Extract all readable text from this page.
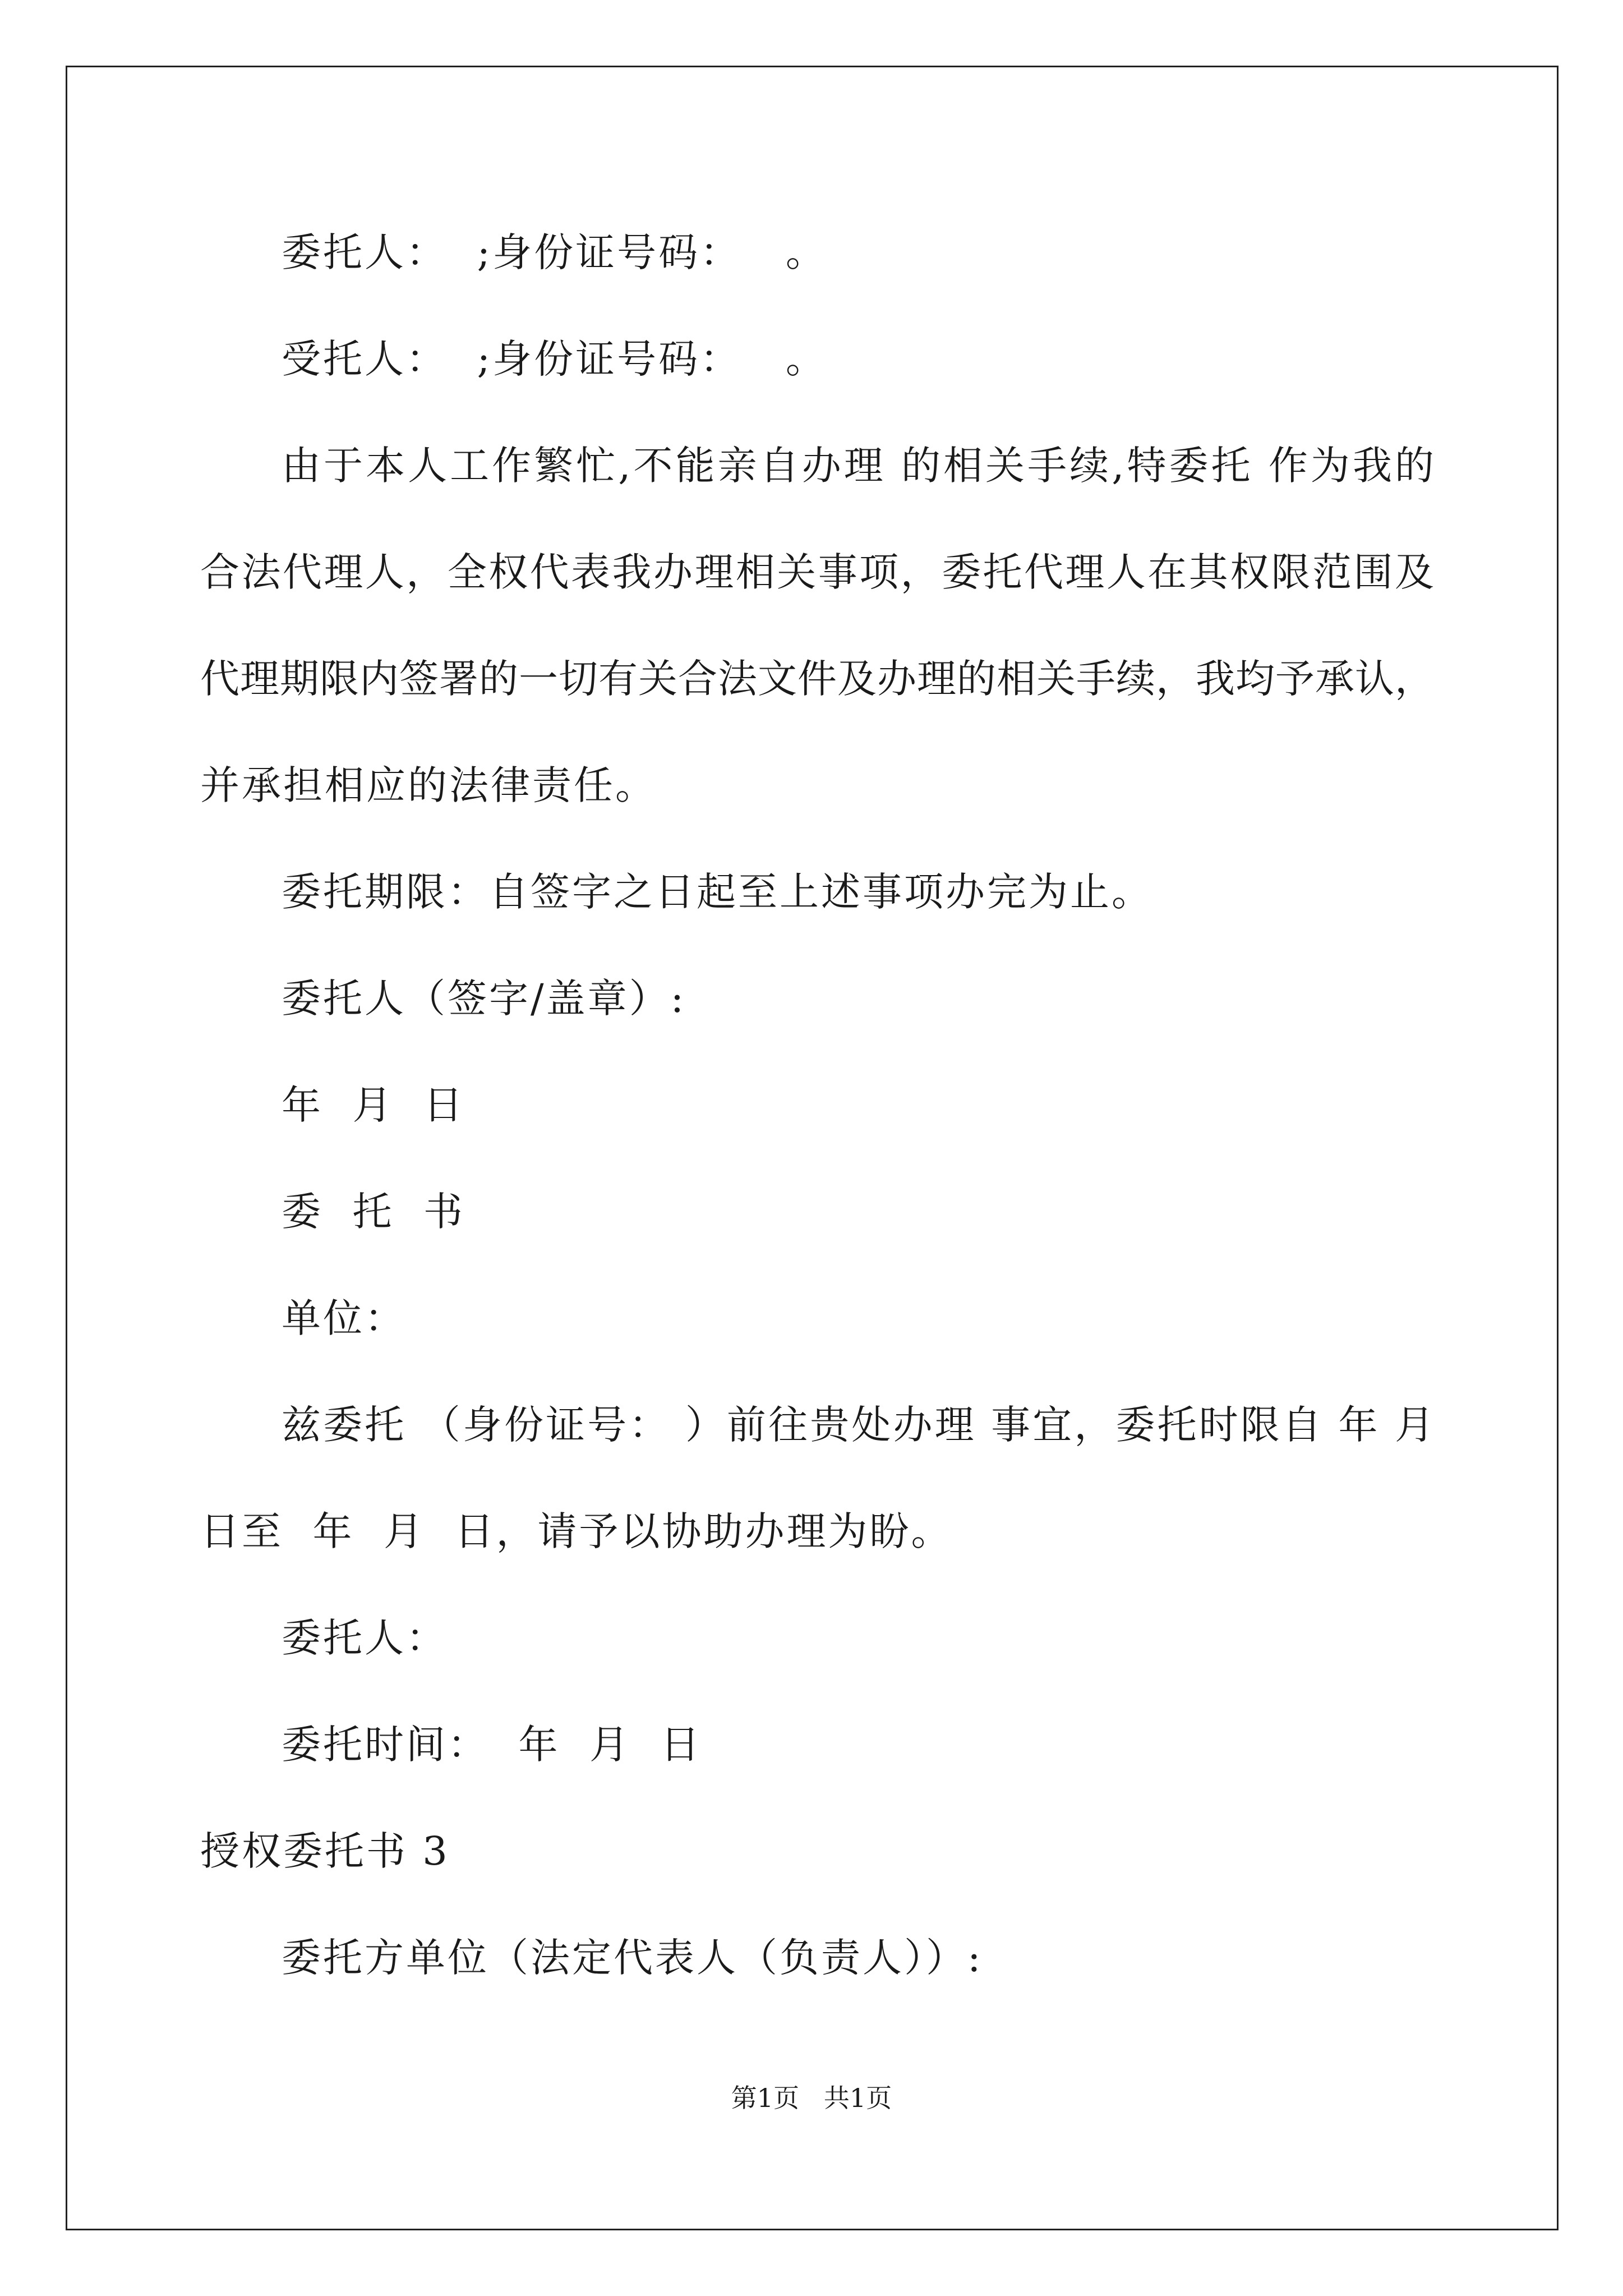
委托人：  ;身份证号码：   。
受托人：  ;身份证号码：   。
由于本人工作繁忙,不能亲自办理 的相关手续,特委托 作为我的
合法代理人，全权代表我办理相关事项，委托代理人在其权限范围及
代理期限内签署的一切有关合法文件及办理的相关手续，我均予承认，
并承担相应的法律责任。
委托期限：自签字之日起至上述事项办完为止。
委托人（签字/盖章）:
年  月  日
委  托  书
单位：
兹委托 （身份证号： ）前往贵处办理 事宜，委托时限自 年 月
日至  年  月  日，请予以协助办理为盼。
委托人：
委托时间：  年  月  日
授权委托书 3
委托方单位（法定代表人（负责人））:
第1页   共1页
